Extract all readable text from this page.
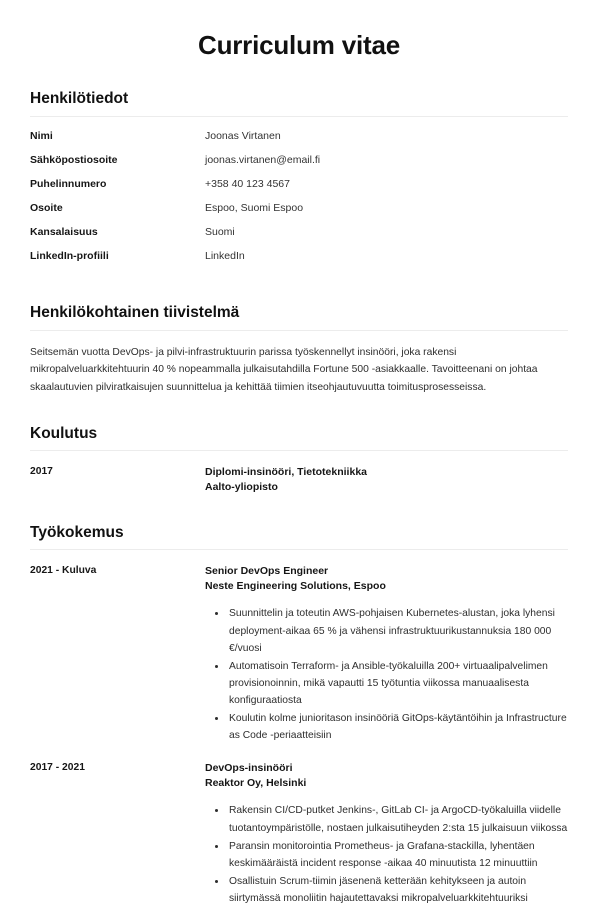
Curriculum vitae
Henkilötiedot
Nimi	Joonas Virtanen
Sähköpostiosoite	joonas.virtanen@email.fi
Puhelinnumero	+358 40 123 4567
Osoite	Espoo, Suomi Espoo
Kansalaisuus	Suomi
LinkedIn-profiili	LinkedIn
Henkilökohtainen tiivistelmä

Seitsemän vuotta DevOps- ja pilvi-infrastruktuurin parissa työskennellyt insinööri, joka rakensi mikropalveluarkkitehtuurin 40 % nopeammalla julkaisutahdilla Fortune 500 -asiakkaalle. Tavoitteenani on johtaa skaalautuvien pilviratkaisujen suunnittelua ja kehittää tiimien itseohjautuvuutta toimitusprosesseissa.

Koulutus
2017	Diplomi-insinööri, Tietotekniikka
Aalto-yliopisto
Työkokemus
2021 - Kuluva	Senior DevOps Engineer
Neste Engineering Solutions, Espoo
• Suunnittelin ja toteutin AWS-pohjaisen Kubernetes-alustan, joka lyhensi deployment-aikaa 65 % ja vähensi infrastruktuurikustannuksia 180 000 €/vuosi
• Automatisoin Terraform- ja Ansible-työkaluilla 200+ virtuaalipalvelimen provisionoinnin, mikä vapautti 15 työtuntia viikossa manuaalisesta konfiguraatiosta
• Koulutin kolme junioritason insinööriä GitOps-käytäntöihin ja Infrastructure as Code -periaatteisiin
2017 - 2021	DevOps-insinööri
Reaktor Oy, Helsinki
• Rakensin CI/CD-putket Jenkins-, GitLab CI- ja ArgoCD-työkaluilla viidelle tuotantoympäristölle, nostaen julkaisutiheyden 2:sta 15 julkaisuun viikossa
• Paransin monitorointia Prometheus- ja Grafana-stackilla, lyhentäen keskimääräistä incident response -aikaa 40 minuutista 12 minuuttiin
• Osallistuin Scrum-tiimin jäsenenä ketterään kehitykseen ja autoin siirtymässä monoliitin hajautettavaksi mikropalveluarkkitehtuuriksi
